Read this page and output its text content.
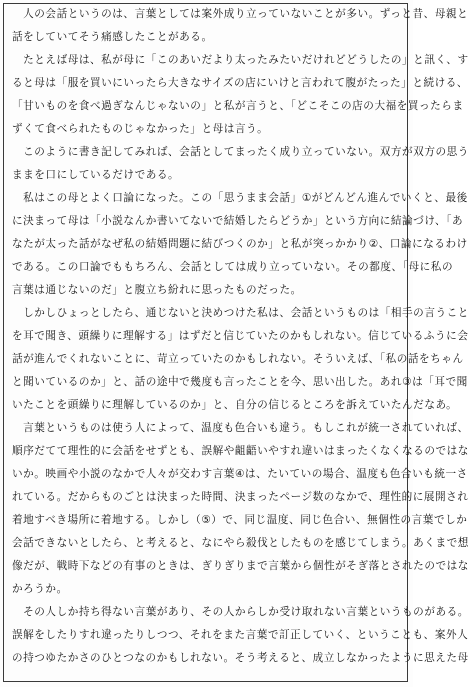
　人の会話というのは、言葉としては案外成り立っていないことが多い。ずっと昔、母親と
話をしていてそう痛感したことがある。
　たとえば母は、私が母に「このあいだより太ったみたいだけれどどうしたの」と訊く、す
ると母は「服を買いにいったら大きなサイズの店にいけと言われて腹がたった」と続ける、
「甘いものを食べ過ぎなんじゃないの」と私が言うと、「どこそこの店の大福を買ったらま
ずくて食べられたものじゃなかった」と母は言う。
　このように書き記してみれば、会話としてまったく成り立っていない。双方が双方の思う
ままを口にしているだけである。
　私はこの母とよく口論になった。この「思うまま会話」①がどんどん進んでいくと、最後
に決まって母は「小説なんか書いてないで結婚したらどうか」という方向に結論づけ、「あ
なたが太った話がなぜ私の結婚問題に結びつくのか」と私が突っかかり②、口論になるわけ
である。この口論でももちろん、会話としては成り立っていない。その都度、「母に私の
言葉は通じないのだ」と腹立ち紛れに思ったものだった。
　しかしひょっとしたら、通じないと決めつけた私は、会話というものは「相手の言うこと
を耳で聞き、頭繰りに理解する」はずだと信じていたのかもしれない。信じているふうに会
話が進んでくれないことに、苛立っていたのかもしれない。そういえば、「私の話をちゃん
と聞いているのか」と、話の途中で幾度も言ったことを今、思い出した。あれ③は「耳で聞
いたことを頭繰りに理解しているのか」と、自分の信じるところを訴えていたんだなあ。
　言葉というものは使う人によって、温度も色合いも違う。もしこれが統一されていれば、
順序だてて理性的に会話をせずとも、誤解や齟齬いやすれ違いはまったくなくなるのではな
いか。映画や小説のなかで人々が交わす言葉④は、たいていの場合、温度も色合いも統一さ
れている。だからものごとは決まった時間、決まったページ数のなかで、理性的に展開され
着地すべき場所に着地する。しかし（⑤）で、同じ温度、同じ色合い、無個性の言葉でしか
会話できないとしたら、と考えると、なにやら殺伐としたものを感じてしまう。あくまで想
像だが、戦時下などの有事のときは、ぎりぎりまで言葉から個性がそぎ落とされたのではな
かろうか。
　その人しか持ち得ない言葉があり、その人からしか受け取れない言葉というものがある。
誤解をしたりすれ違ったりしつつ、それをまた言葉で訂正していく、ということも、案外人
の持つゆたかさのひとつなのかもしれない。そう考えると、成立しなかったように思えた母
